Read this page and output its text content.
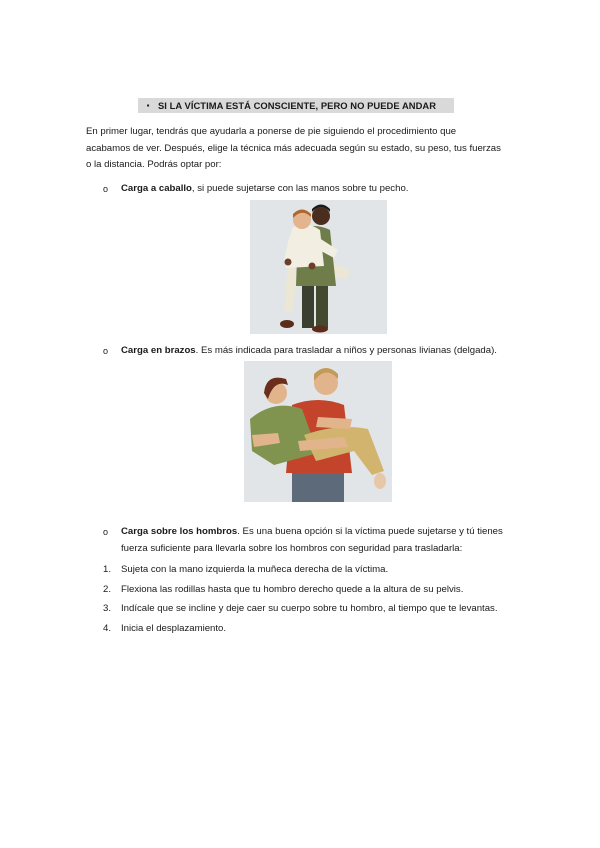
▪ SI LA VÍCTIMA ESTÁ CONSCIENTE, PERO NO PUEDE ANDAR
En primer lugar, tendrás que ayudarla a ponerse de pie siguiendo el procedimiento que
acabamos de ver. Después, elige la técnica más adecuada según su estado, su peso, tus fuerzas
o la distancia. Podrás optar por:
o Carga a caballo, si puede sujetarse con las manos sobre tu pecho.
o Carga en brazos. Es más indicada para trasladar a niños y personas livianas (delgada).
o Carga sobre los hombros. Es una buena opción si la víctima puede sujetarse y tú tienes fuerza suficiente para llevarla sobre los hombros con seguridad para trasladarla:
1. Sujeta con la mano izquierda la muñeca derecha de la víctima.
2. Flexiona las rodillas hasta que tu hombro derecho quede a la altura de su pelvis.
3. Indícale que se incline y deje caer su cuerpo sobre tu hombro, al tiempo que te levantas.
4. Inicia el desplazamiento.
